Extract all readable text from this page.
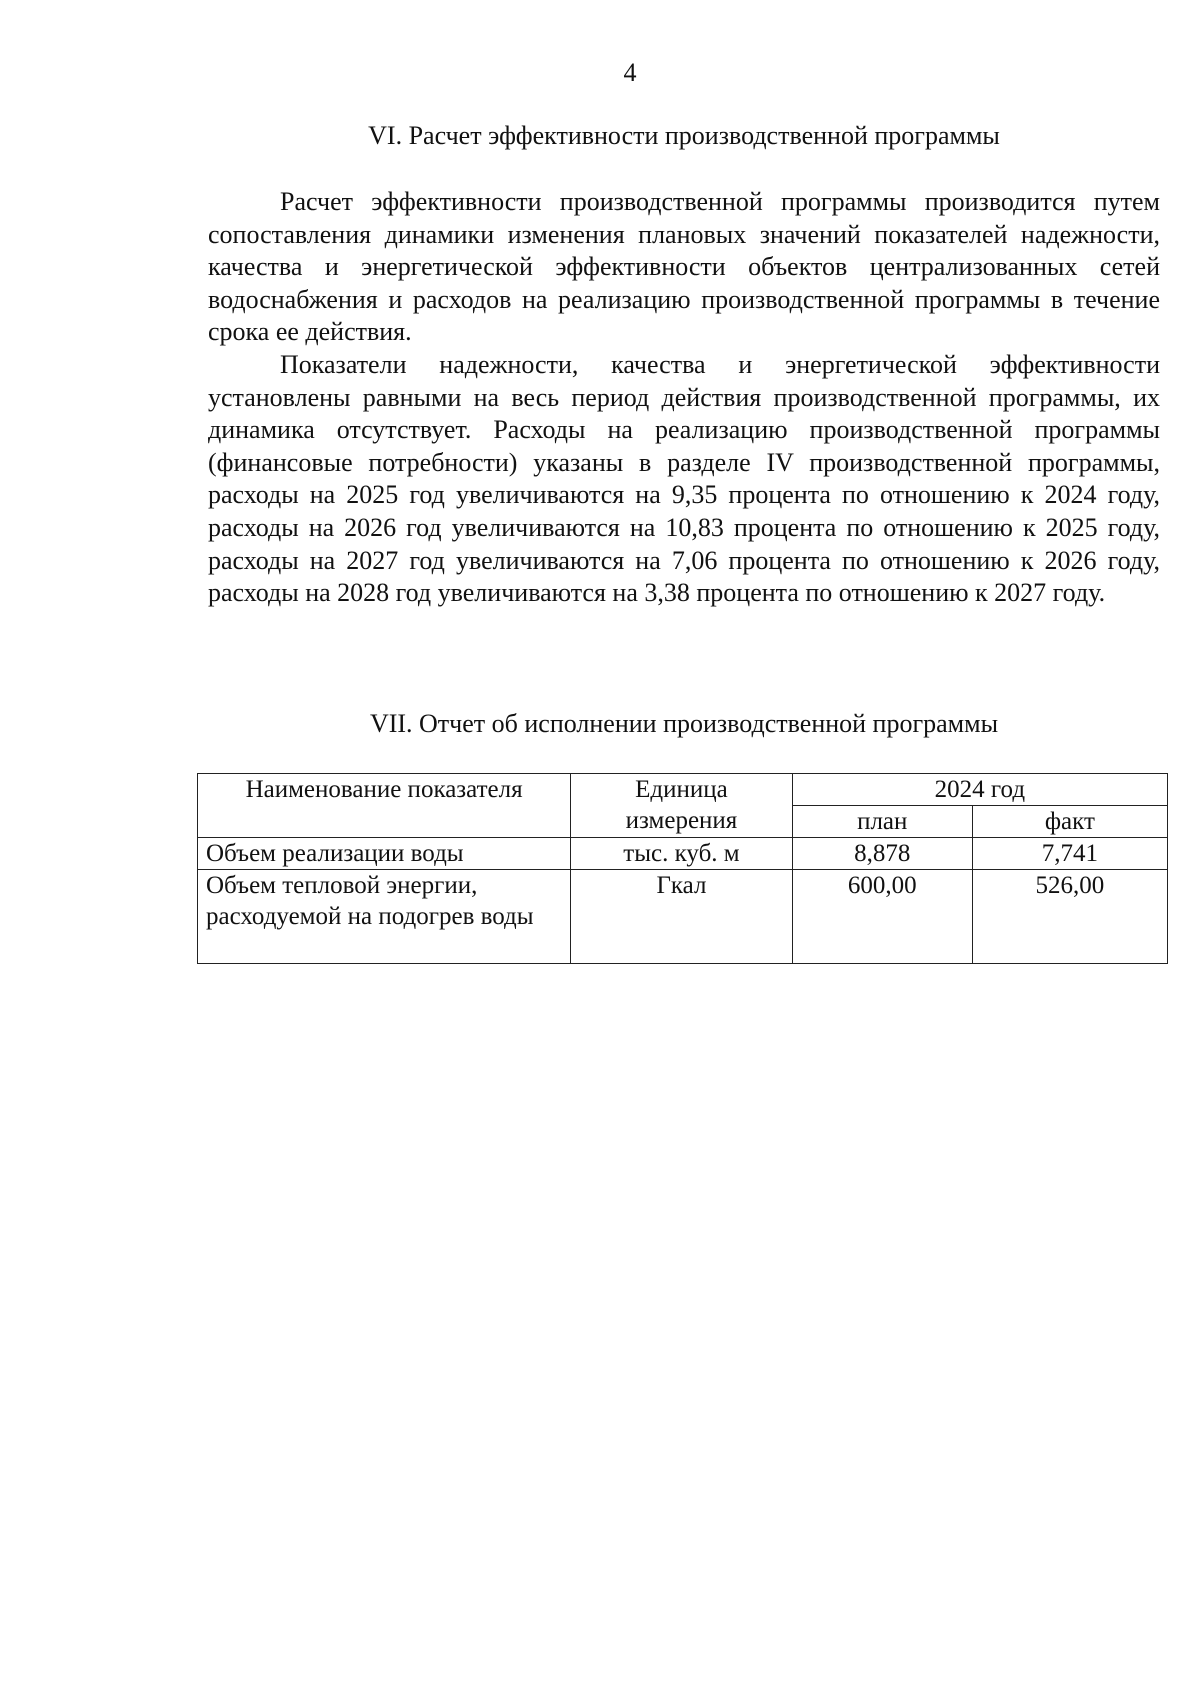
4
VI. Расчет эффективности производственной программы

Расчет эффективности производственной программы производится путем сопоставления динамики изменения плановых значений показателей надежности, качества и энергетической эффективности объектов централизованных сетей водоснабжения и расходов на реализацию производственной программы в течение срока ее действия.

Показатели надежности, качества и энергетической эффективности установлены равными на весь период действия производственной программы, их динамика отсутствует. Расходы на реализацию производственной программы (финансовые потребности) указаны в разделе IV производственной программы, расходы на 2025 год увеличиваются на 9,35 процента по отношению к 2024 году, расходы на 2026 год увеличиваются на 10,83 процента по отношению к 2025 году, расходы на 2027 год увеличиваются на 7,06 процента по отношению к 2026 году, расходы на 2028 год увеличиваются на 3,38 процента по отношению к 2027 году.

VII. Отчет об исполнении производственной программы
Наименование показателя	Единица измерения	2024 год	
		план	факт
Объем реализации воды	тыс. куб. м	8,878	7,741
Объем тепловой энергии, расходуемой на подогрев воды	Гкал	600,00	526,00
